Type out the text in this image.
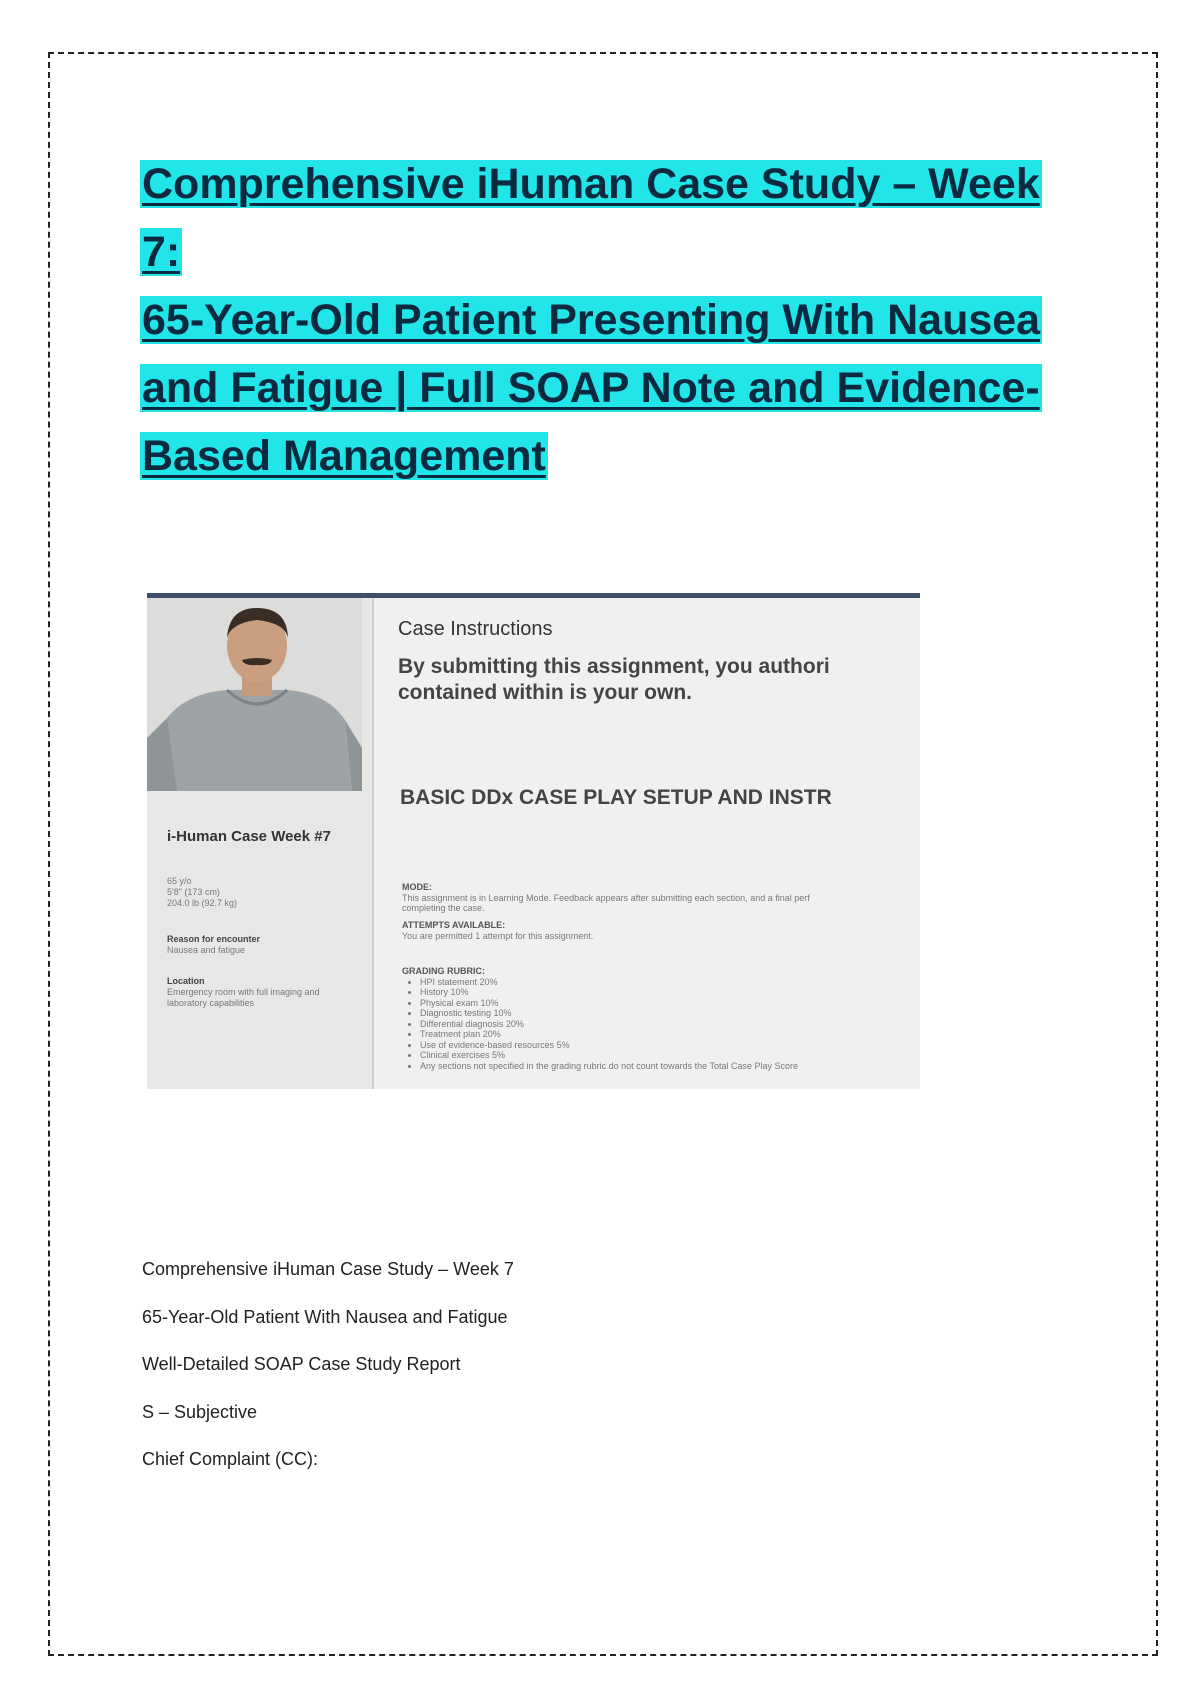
Comprehensive iHuman Case Study – Week 7:
65-Year-Old Patient Presenting With Nausea
and Fatigue | Full SOAP Note and Evidence-
Based Management
i-Human Case Week #7
65 y/o
5'8" (173 cm)
204.0 lb (92.7 kg)
Reason for encounter
Nausea and fatigue
Location
Emergency room with full imaging and laboratory capabilities
Case Instructions
By submitting this assignment, you authori
contained within is your own.
BASIC DDx CASE PLAY SETUP AND INSTR
MODE:
This assignment is in Learning Mode. Feedback appears after submitting each section, and a final perf
completing the case.
ATTEMPTS AVAILABLE:
You are permitted 1 attempt for this assignment.
GRADING RUBRIC:
• HPI statement 20%
• History 10%
• Physical exam 10%
• Diagnostic testing 10%
• Differential diagnosis 20%
• Treatment plan 20%
• Use of evidence-based resources 5%
• Clinical exercises 5%
• Any sections not specified in the grading rubric do not count towards the Total Case Play Score

Comprehensive iHuman Case Study – Week 7

65-Year-Old Patient With Nausea and Fatigue

Well-Detailed SOAP Case Study Report

S – Subjective

Chief Complaint (CC):
